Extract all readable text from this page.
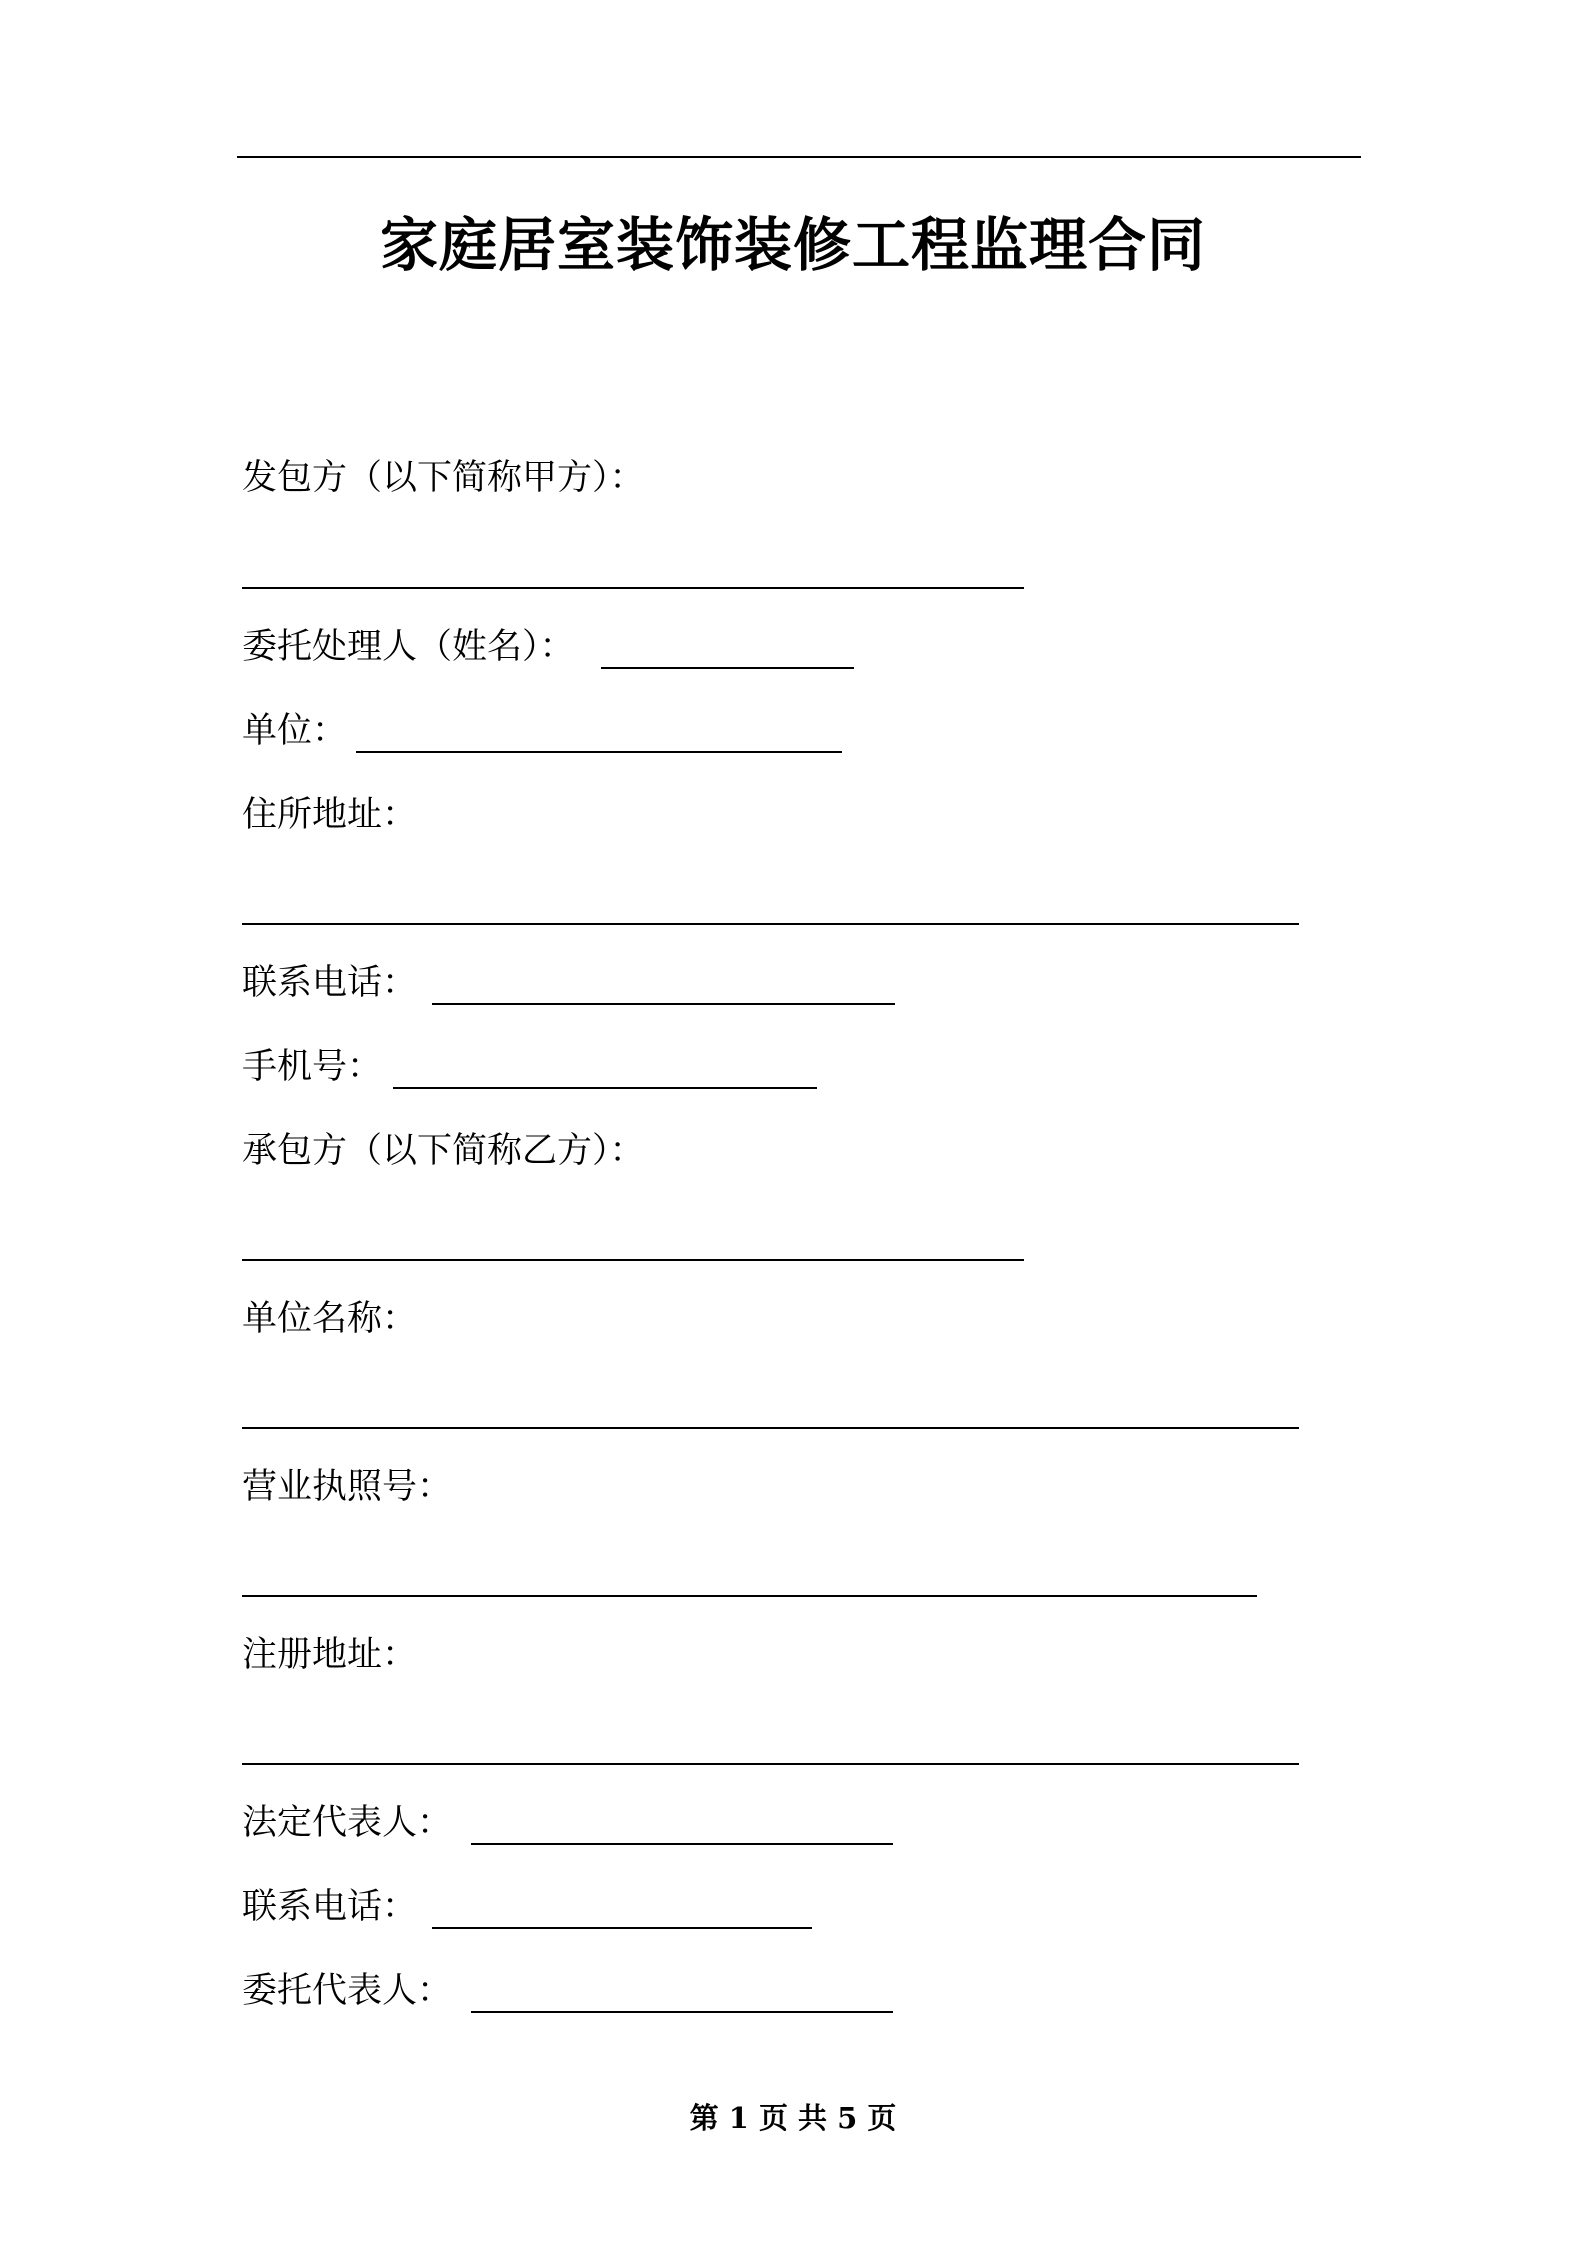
家庭居室装饰装修工程监理合同
发包方（以下简称甲方）：
委托处理人（姓名）：
单位：
住所地址：
联系电话：
手机号：
承包方（以下简称乙方）：
单位名称：
营业执照号：
注册地址：
法定代表人：
联系电话：
委托代表人：
第 1 页 共 5 页
